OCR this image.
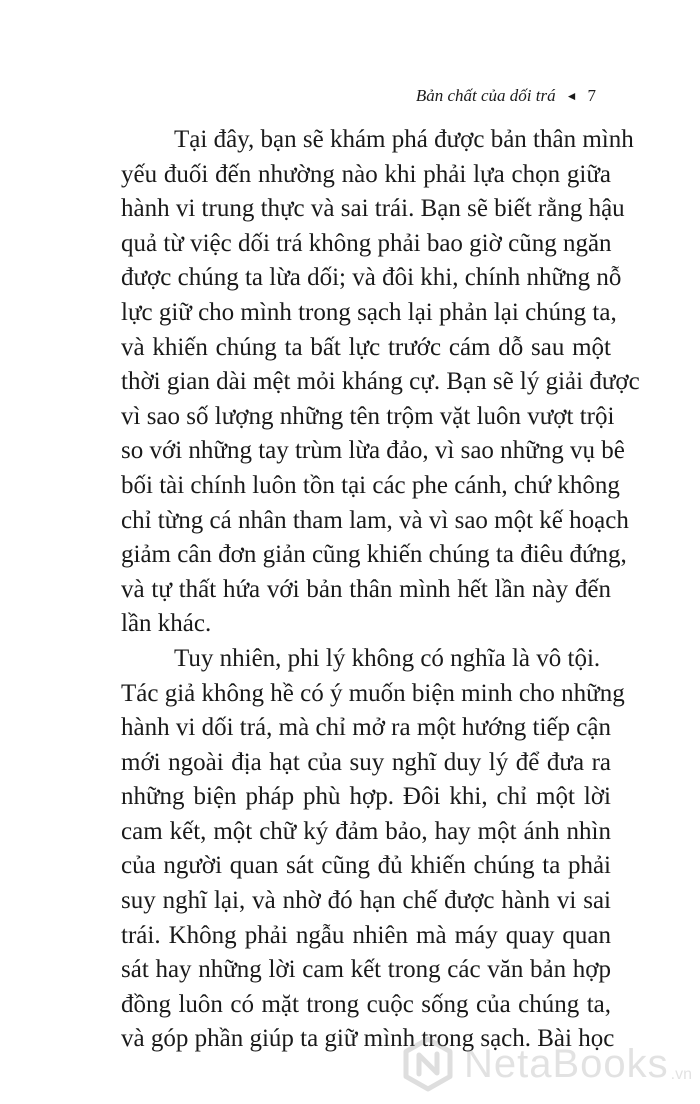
Bản chất của dối trá ◄ 7
Tại đây, bạn sẽ khám phá được bản thân mình
yếu đuối đến nhường nào khi phải lựa chọn giữa
hành vi trung thực và sai trái. Bạn sẽ biết rằng hậu
quả từ việc dối trá không phải bao giờ cũng ngăn
được chúng ta lừa dối; và đôi khi, chính những nỗ
lực giữ cho mình trong sạch lại phản lại chúng ta,
và khiến chúng ta bất lực trước cám dỗ sau một
thời gian dài mệt mỏi kháng cự. Bạn sẽ lý giải được
vì sao số lượng những tên trộm vặt luôn vượt trội
so với những tay trùm lừa đảo, vì sao những vụ bê
bối tài chính luôn tồn tại các phe cánh, chứ không
chỉ từng cá nhân tham lam, và vì sao một kế hoạch
giảm cân đơn giản cũng khiến chúng ta điêu đứng,
và tự thất hứa với bản thân mình hết lần này đến
lần khác.
Tuy nhiên, phi lý không có nghĩa là vô tội.
Tác giả không hề có ý muốn biện minh cho những
hành vi dối trá, mà chỉ mở ra một hướng tiếp cận
mới ngoài địa hạt của suy nghĩ duy lý để đưa ra
những biện pháp phù hợp. Đôi khi, chỉ một lời
cam kết, một chữ ký đảm bảo, hay một ánh nhìn
của người quan sát cũng đủ khiến chúng ta phải
suy nghĩ lại, và nhờ đó hạn chế được hành vi sai
trái. Không phải ngẫu nhiên mà máy quay quan
sát hay những lời cam kết trong các văn bản hợp
đồng luôn có mặt trong cuộc sống của chúng ta,
và góp phần giúp ta giữ mình trong sạch. Bài học
NetaBooks .vn
